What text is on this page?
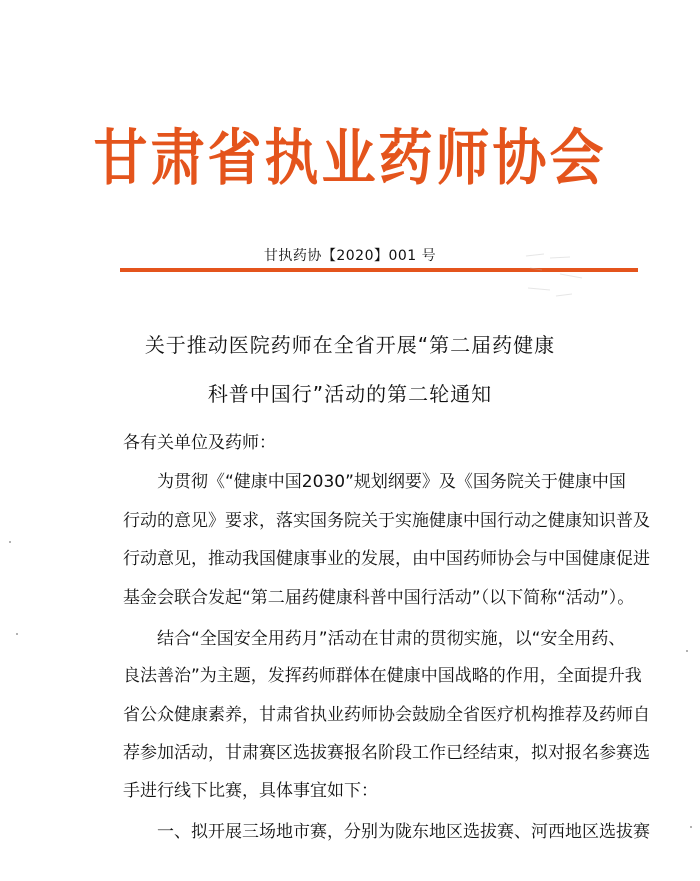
甘肃省执业药师协会
甘执药协【2020】001 号
关于推动医院药师在全省开展“第二届药健康
科普中国行”活动的第二轮通知
各有关单位及药师：
为贯彻《“健康中国2030”规划纲要》及《国务院关于健康中国
行动的意见》要求，落实国务院关于实施健康中国行动之健康知识普及
行动意见，推动我国健康事业的发展，由中国药师协会与中国健康促进
基金会联合发起“第二届药健康科普中国行活动”（以下简称“活动”）。
结合“全国安全用药月”活动在甘肃的贯彻实施，以“安全用药、
良法善治”为主题，发挥药师群体在健康中国战略的作用，全面提升我
省公众健康素养，甘肃省执业药师协会鼓励全省医疗机构推荐及药师自
荐参加活动，甘肃赛区选拔赛报名阶段工作已经结束，拟对报名参赛选
手进行线下比赛，具体事宜如下：
一、拟开展三场地市赛，分别为陇东地区选拔赛、河西地区选拔赛
